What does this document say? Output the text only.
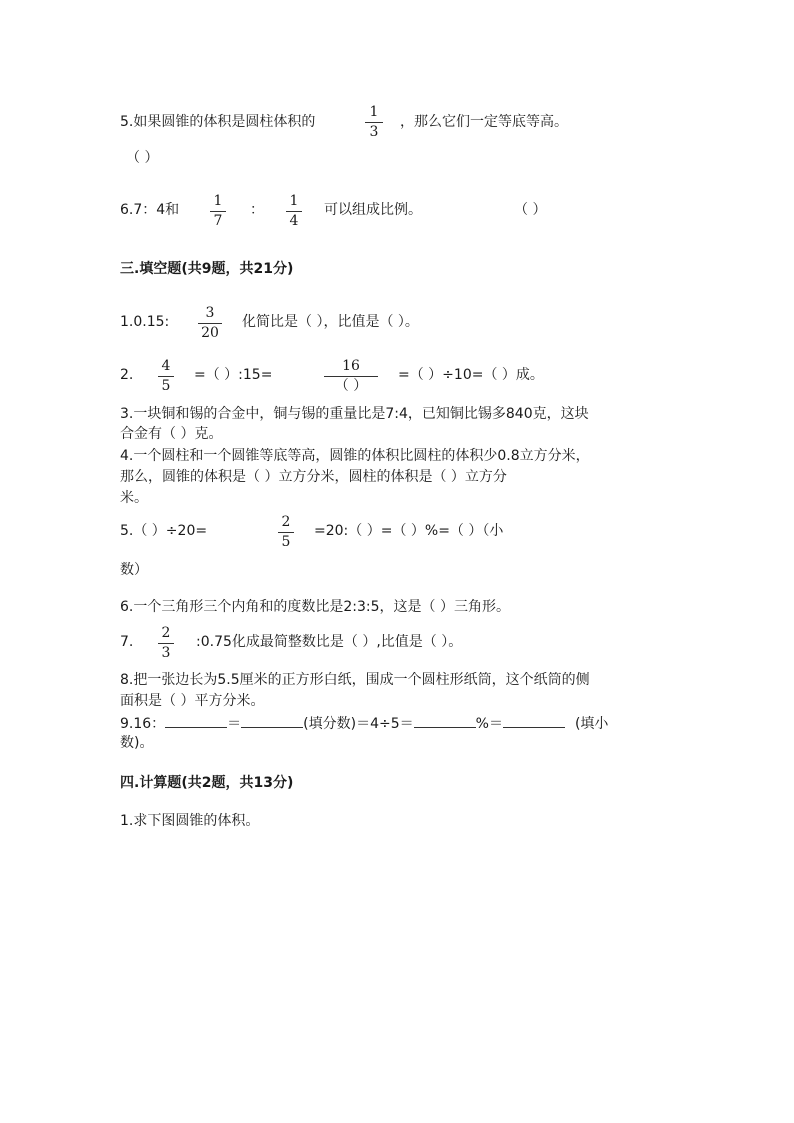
5.如果圆锥的体积是圆柱体积的
1
3
，那么它们一定等底等高。
（ ）
6.7：4和
1
7
：
1
4
可以组成比例。	（ ）
三.填空题(共9题，共21分)
1.0.15:
3
20
化简比是（ ），比值是（ ）。
2.
4
5
=（ ）:15=
16
（ ）
=（ ）÷10=（ ）成。
3.一块铜和锡的合金中，铜与锡的重量比是7:4，已知铜比锡多840克，这块
合金有（ ）克。
4.一个圆柱和一个圆锥等底等高，圆锥的体积比圆柱的体积少0.8立方分米，
那么，圆锥的体积是（ ）立方分米，圆柱的体积是（ ）立方分
米。
5.（ ）÷20=
2
5
=20:（ ）=（ ）%=（ ）（小
数）
6.一个三角形三个内角和的度数比是2:3:5，这是（ ）三角形。
7.
2
3
:0.75化成最简整数比是（ ）,比值是（ ）。
8.把一张边长为5.5厘米的正方形白纸，围成一个圆柱形纸筒，这个纸筒的侧
面积是（ ）平方分米。
9.16：	＝	(填分数)＝4÷5＝	%＝	(填小
数)。
四.计算题(共2题，共13分)
1.求下图圆锥的体积。
